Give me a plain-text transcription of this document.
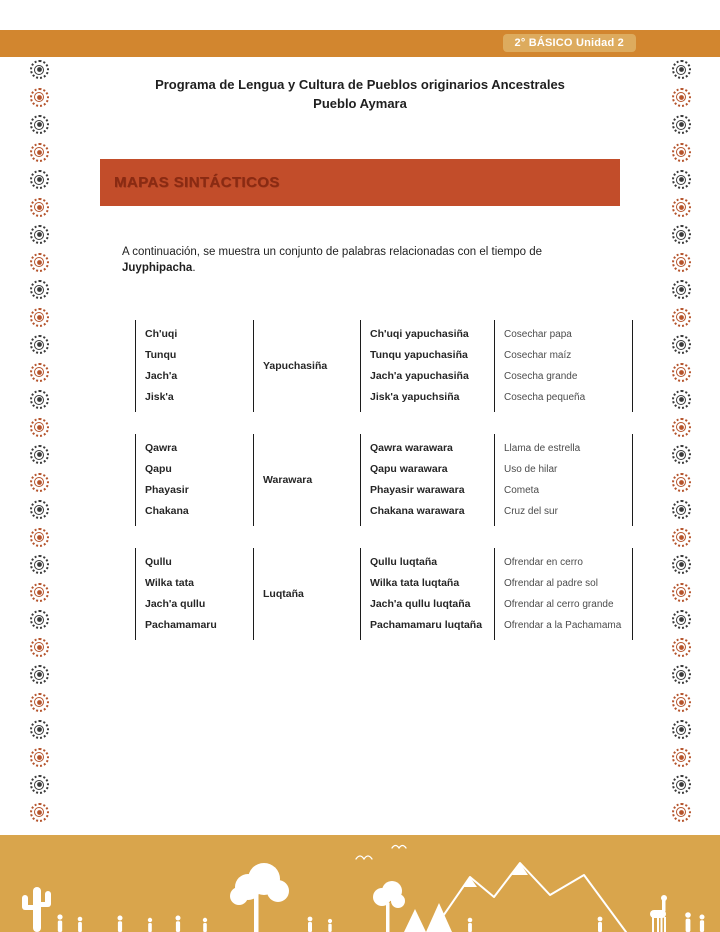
2° BÁSICO Unidad 2
Programa de Lengua y Cultura de Pueblos originarios Ancestrales
Pueblo Aymara
MAPAS SINTÁCTICOS

A continuación, se muestra un conjunto de palabras relacionadas con el tiempo de Juyphipacha.

Ch'uqi
Tunqu
Jach'a
Jisk'a
Yapuchasiña
Ch'uqi yapuchasiña
Tunqu yapuchasiña
Jach'a yapuchasiña
Jisk'a yapuchsiña
Cosechar papa
Cosechar maíz
Cosecha grande
Cosecha pequeña
Qawra
Qapu
Phayasir
Chakana
Warawara
Qawra warawara
Qapu warawara
Phayasir warawara
Chakana warawara
Llama de estrella
Uso de hilar
Cometa
Cruz del sur
Qullu
Wilka tata
Jach'a qullu
Pachamamaru
Luqtaña
Qullu luqtaña
Wilka tata luqtaña
Jach'a qullu luqtaña
Pachamamaru luqtaña
Ofrendar en cerro
Ofrendar al padre sol
Ofrendar al cerro grande
Ofrendar a la Pachamama
